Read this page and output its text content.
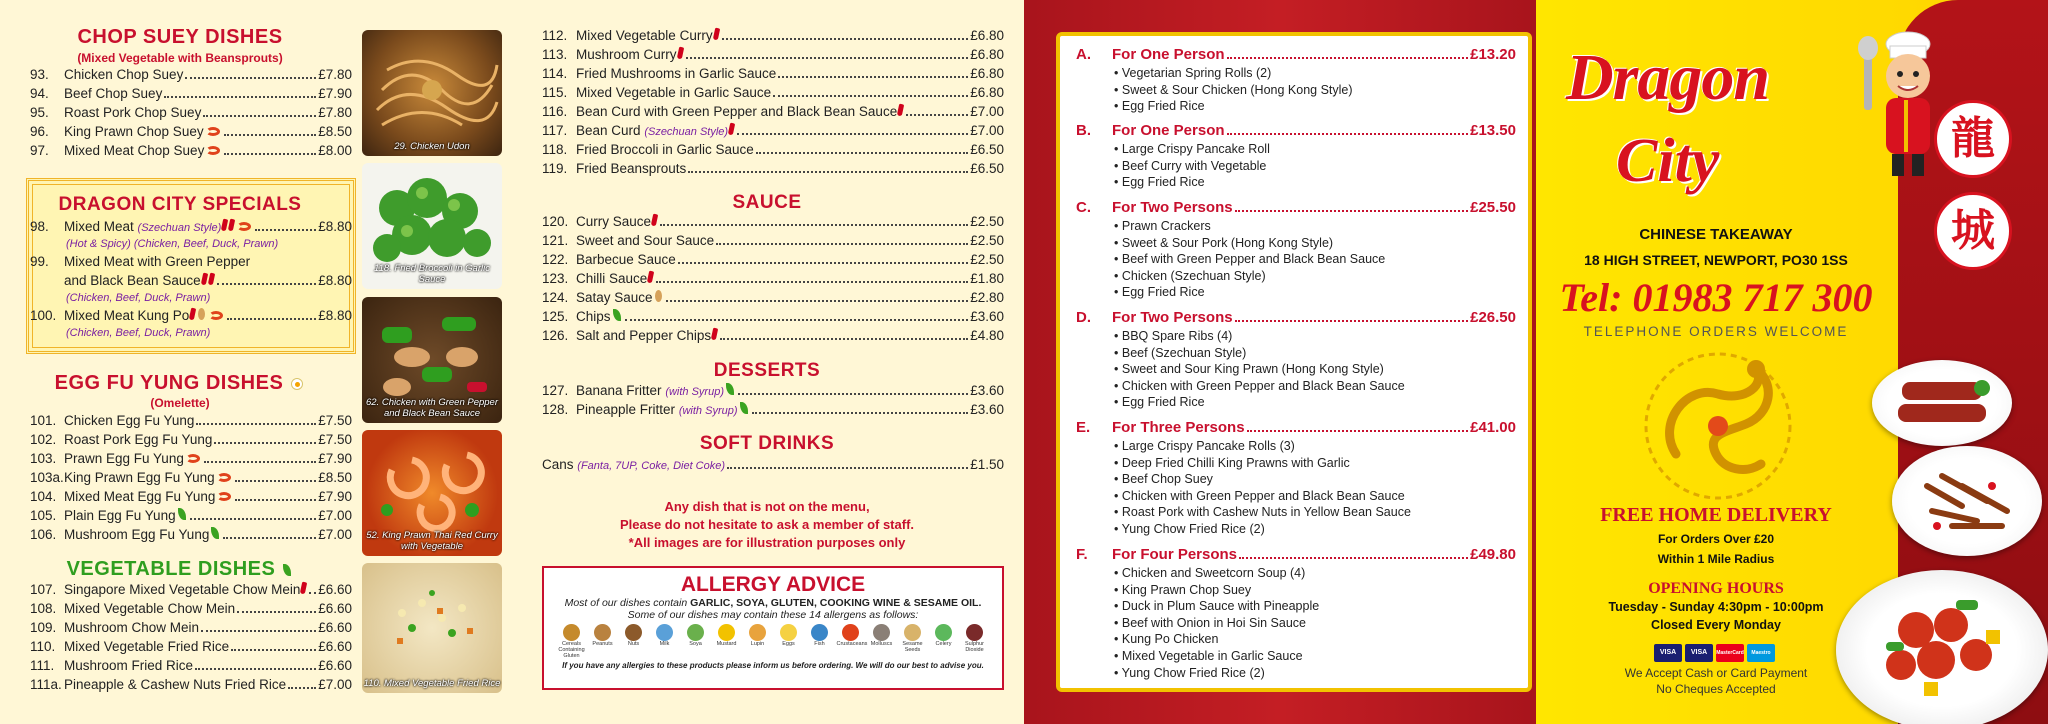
CHOP SUEY DISHES
(Mixed Vegetable with Beansprouts)
93.	Chicken Chop Suey	£7.80
94.	Beef Chop Suey	£7.90
95.	Roast Pork Chop Suey	£7.80
96.	King Prawn Chop Suey	£8.50
97.	Mixed Meat Chop Suey	£8.00
DRAGON CITY SPECIALS
98.	Mixed Meat
(Szechuan Style)	£8.80
(Hot & Spicy) (Chicken, Beef, Duck, Prawn)
99.	Mixed Meat with Green Pepper
and Black Bean Sauce	£8.80
(Chicken, Beef, Duck, Prawn)
100. Mixed Meat Kung Po	£8.80
(Chicken, Beef, Duck, Prawn)
EGG FU YUNG DISHES
(Omelette)
101. Chicken Egg Fu Yung	£7.50
102. Roast Pork Egg Fu Yung	£7.50
103. Prawn Egg Fu Yung	£7.90
103a. King Prawn Egg Fu Yung	£8.50
104. Mixed Meat Egg Fu Yung	£7.90
105. Plain Egg Fu Yung	£7.00
106. Mushroom Egg Fu Yung	£7.00
VEGETABLE DISHES
107. Singapore Mixed Vegetable Chow Mein £6.60
108. Mixed Vegetable Chow Mein	£6.60
109. Mushroom Chow Mein	£6.60
110. Mixed Vegetable Fried Rice	£6.60
111. Mushroom Fried Rice	£6.60
111a. Pineapple & Cashew Nuts Fried Rice £7.00
29. Chicken Udon
118. Fried Broccoli in Garlic Sauce
62. Chicken with Green Pepper and Black Bean Sauce
52. King Prawn Thai Red Curry with Vegetable
110. Mixed Vegetable Fried Rice
112. Mixed Vegetable Curry	£6.80
113. Mushroom Curry	£6.80
114. Fried Mushrooms in Garlic Sauce	£6.80
115. Mixed Vegetable in Garlic Sauce	£6.80
116. Bean Curd with Green Pepper and Black Bean Sauce	£7.00
117. Bean Curd
(Szechuan Style)	£7.00
118. Fried Broccoli in Garlic Sauce	£6.50
119. Fried Beansprouts	£6.50
SAUCE
120. Curry Sauce	£2.50
121. Sweet and Sour Sauce	£2.50
122. Barbecue Sauce	£2.50
123. Chilli Sauce	£1.80
124. Satay Sauce	£2.80
125. Chips	£3.60
126. Salt and Pepper Chips	£4.80
DESSERTS
127. Banana Fritter
(with Syrup)	£3.60
128. Pineapple Fritter
(with Syrup)	£3.60
SOFT DRINKS
Cans
(Fanta, 7UP, Coke, Diet Coke)	£1.50
Any dish that is not on the menu,
Please do not hesitate to ask a member of staff.
*All images are for illustration purposes only
ALLERGY ADVICE
Most of our dishes contain GARLIC, SOYA, GLUTEN, COOKING WINE & SESAME OIL.
Some of our dishes may contain these 14 allergens as follows:
Cereals Containing Gluten
Peanuts	Nuts	Milk	Soya	Mustard	Lupin	Eggs	Fish	Crustaceans Molluscs	Sesame Seeds
Celery	Sulphur Dioxide
If you have any allergies to these products please inform us before ordering. We will do our best to advise you.
A.	For One Person	£13.20
• Vegetarian Spring Rolls (2)
• Sweet & Sour Chicken (Hong Kong Style)
• Egg Fried Rice
B.	For One Person	£13.50
• Large Crispy Pancake Roll
• Beef Curry with Vegetable
• Egg Fried Rice
C.	For Two Persons	£25.50
• Prawn Crackers
• Sweet & Sour Pork (Hong Kong Style)
• Beef with Green Pepper and Black Bean Sauce
• Chicken (Szechuan Style)
• Egg Fried Rice
D.	For Two Persons	£26.50
• BBQ Spare Ribs (4)
• Beef (Szechuan Style)
• Sweet and Sour King Prawn (Hong Kong Style)
• Chicken with Green Pepper and Black Bean Sauce
• Egg Fried Rice
E.	For Three Persons	£41.00
• Large Crispy Pancake Rolls (3)
• Deep Fried Chilli King Prawns with Garlic
• Beef Chop Suey
• Chicken with Green Pepper and Black Bean Sauce
• Roast Pork with Cashew Nuts in Yellow Bean Sauce
• Yung Chow Fried Rice (2)
F.	For Four Persons	£49.80
• Chicken and Sweetcorn Soup (4)
• King Prawn Chop Suey
• Duck in Plum Sauce with Pineapple
• Beef with Onion in Hoi Sin Sauce
• Kung Po Chicken
• Mixed Vegetable in Garlic Sauce
• Yung Chow Fried Rice (2)
Dragon
City	龍
城
CHINESE TAKEAWAY
18 HIGH STREET, NEWPORT, PO30 1SS
Tel: 01983 717 300
TELEPHONE ORDERS WELCOME
FREE HOME DELIVERY
For Orders Over £20
Within 1 Mile Radius
OPENING HOURS
Tuesday - Sunday 4:30pm - 10:00pm
Closed Every Monday
VISA	VISA	MasterCard	Maestro
We Accept Cash or Card Payment
No Cheques Accepted
